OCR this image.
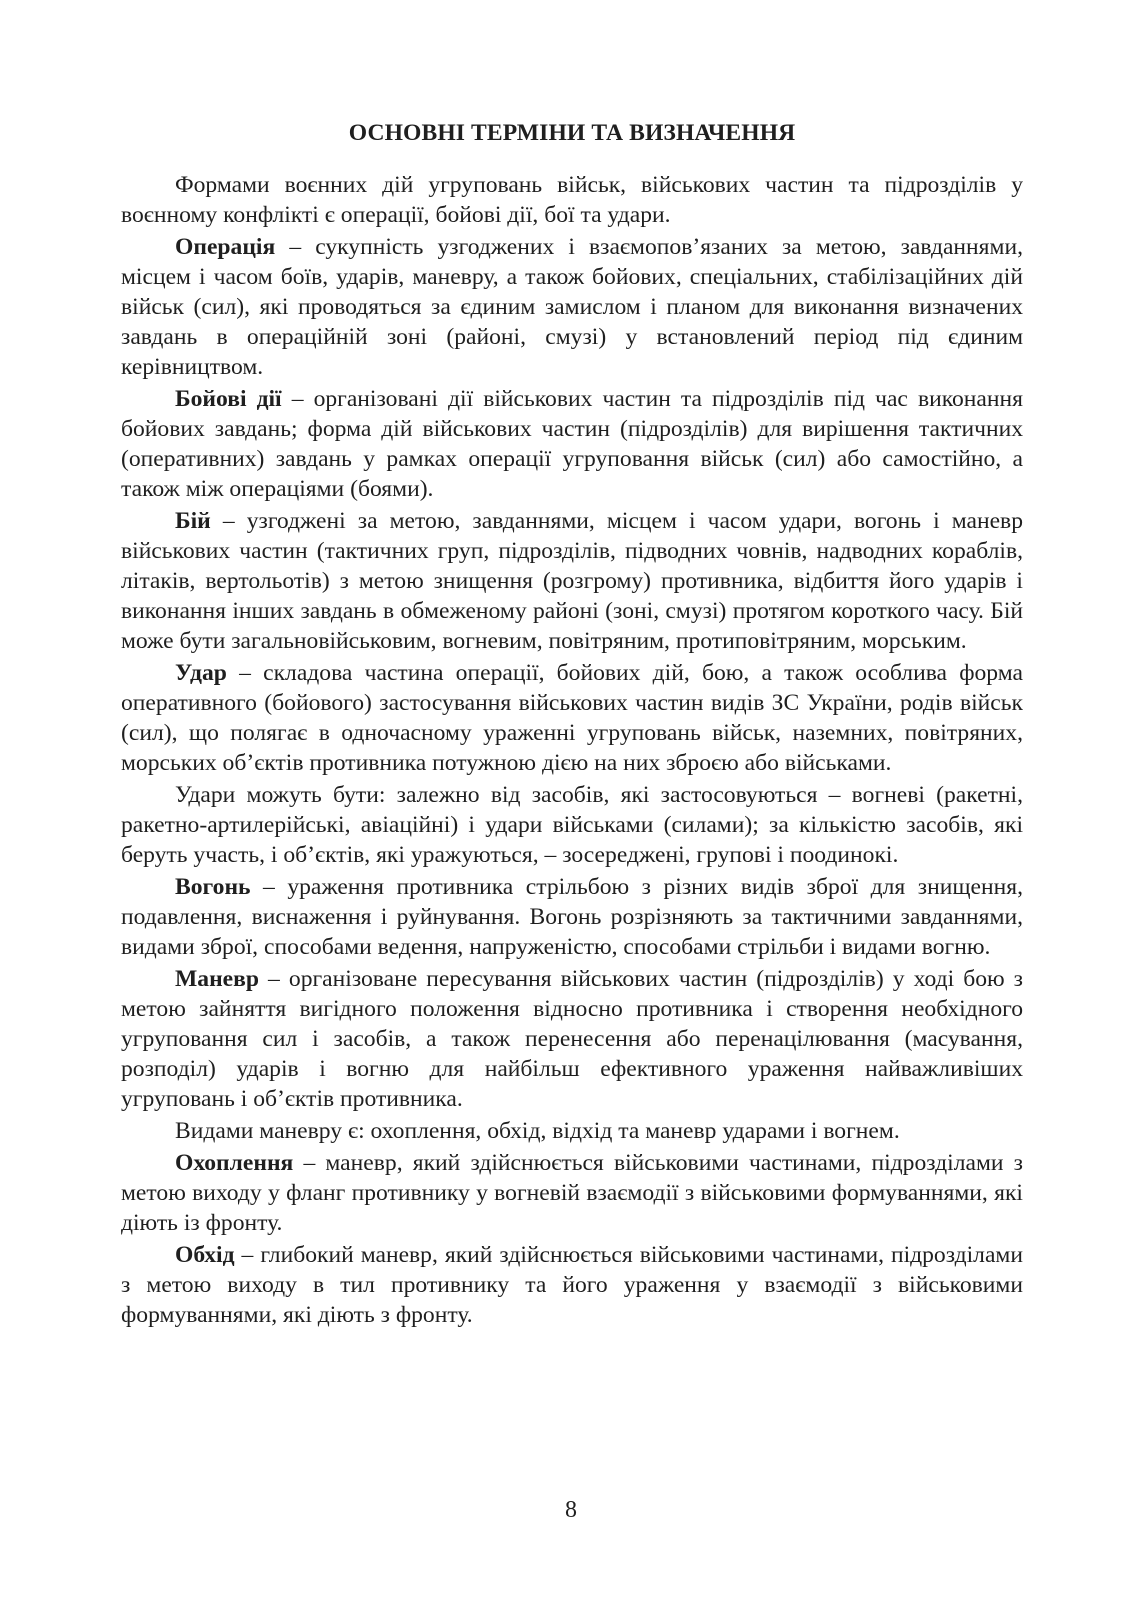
ОСНОВНІ ТЕРМІНИ ТА ВИЗНАЧЕННЯ

Формами воєнних дій угруповань військ, військових частин та підрозділів у воєнному конфлікті є операції, бойові дії, бої та удари.

Операція – сукупність узгоджених і взаємопов’язаних за метою, завданнями, місцем і часом боїв, ударів, маневру, а також бойових, спеціальних, стабілізаційних дій військ (сил), які проводяться за єдиним замислом і планом для виконання визначених завдань в операційній зоні (районі, смузі) у встановлений період під єдиним керівництвом.

Бойові дії – організовані дії військових частин та підрозділів під час виконання бойових завдань; форма дій військових частин (підрозділів) для вирішення тактичних (оперативних) завдань у рамках операції угруповання військ (сил) або самостійно, а також між операціями (боями).

Бій – узгоджені за метою, завданнями, місцем і часом удари, вогонь і маневр військових частин (тактичних груп, підрозділів, підводних човнів, надводних кораблів, літаків, вертольотів) з метою знищення (розгрому) противника, відбиття його ударів і виконання інших завдань в обмеженому районі (зоні, смузі) протягом короткого часу. Бій може бути загальновійськовим, вогневим, повітряним, протиповітряним, морським.

Удар – складова частина операції, бойових дій, бою, а також особлива форма оперативного (бойового) застосування військових частин видів ЗС України, родів військ (сил), що полягає в одночасному ураженні угруповань військ, наземних, повітряних, морських об’єктів противника потужною дією на них зброєю або військами.

Удари можуть бути: залежно від засобів, які застосовуються – вогневі (ракетні, ракетно-артилерійські, авіаційні) і удари військами (силами); за кількістю засобів, які беруть участь, і об’єктів, які уражуються, – зосереджені, групові і поодинокі.

Вогонь – ураження противника стрільбою з різних видів зброї для знищення, подавлення, виснаження і руйнування. Вогонь розрізняють за тактичними завданнями, видами зброї, способами ведення, напруженістю, способами стрільби і видами вогню.

Маневр – організоване пересування військових частин (підрозділів) у ході бою з метою зайняття вигідного положення відносно противника і створення необхідного угруповання сил і засобів, а також перенесення або перенацілювання (масування, розподіл) ударів і вогню для найбільш ефективного ураження найважливіших угруповань і об’єктів противника.

Видами маневру є: охоплення, обхід, відхід та маневр ударами і вогнем.

Охоплення – маневр, який здійснюється військовими частинами, підрозділами з метою виходу у фланг противнику у вогневій взаємодії з військовими формуваннями, які діють із фронту.

Обхід – глибокий маневр, який здійснюється військовими частинами, підрозділами з метою виходу в тил противнику та його ураження у взаємодії з військовими формуваннями, які діють з фронту.

8
